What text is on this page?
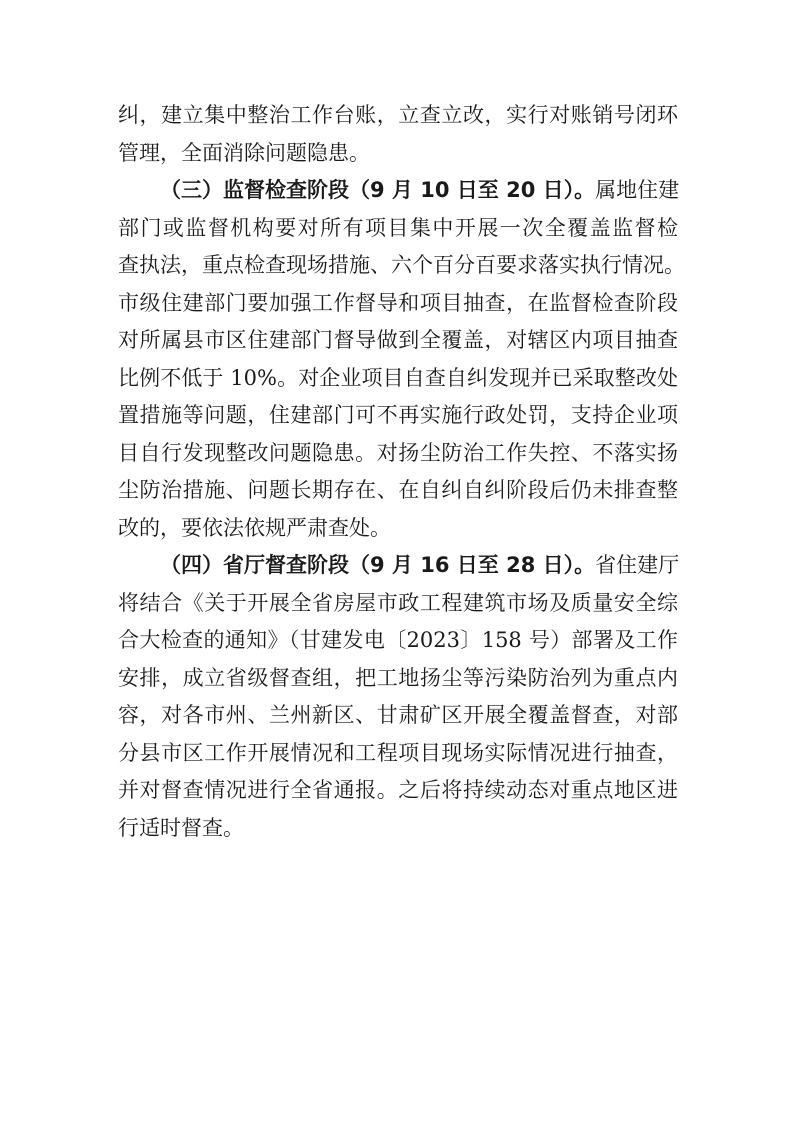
纠，建立集中整治工作台账，立查立改，实行对账销号闭环
管理，全面消除问题隐患。
（三）监督检查阶段（9 月 10 日至 20 日）。属地住建
部门或监督机构要对所有项目集中开展一次全覆盖监督检
查执法，重点检查现场措施、六个百分百要求落实执行情况。
市级住建部门要加强工作督导和项目抽查，在监督检查阶段
对所属县市区住建部门督导做到全覆盖，对辖区内项目抽查
比例不低于 10%。对企业项目自查自纠发现并已采取整改处
置措施等问题，住建部门可不再实施行政处罚，支持企业项
目自行发现整改问题隐患。对扬尘防治工作失控、不落实扬
尘防治措施、问题长期存在、在自纠自纠阶段后仍未排查整
改的，要依法依规严肃查处。
（四）省厅督查阶段（9 月 16 日至 28 日）。省住建厅
将结合《关于开展全省房屋市政工程建筑市场及质量安全综
合大检查的通知》（甘建发电〔2023〕158 号）部署及工作
安排，成立省级督查组，把工地扬尘等污染防治列为重点内
容，对各市州、兰州新区、甘肃矿区开展全覆盖督查，对部
分县市区工作开展情况和工程项目现场实际情况进行抽查，
并对督查情况进行全省通报。之后将持续动态对重点地区进
行适时督查。
